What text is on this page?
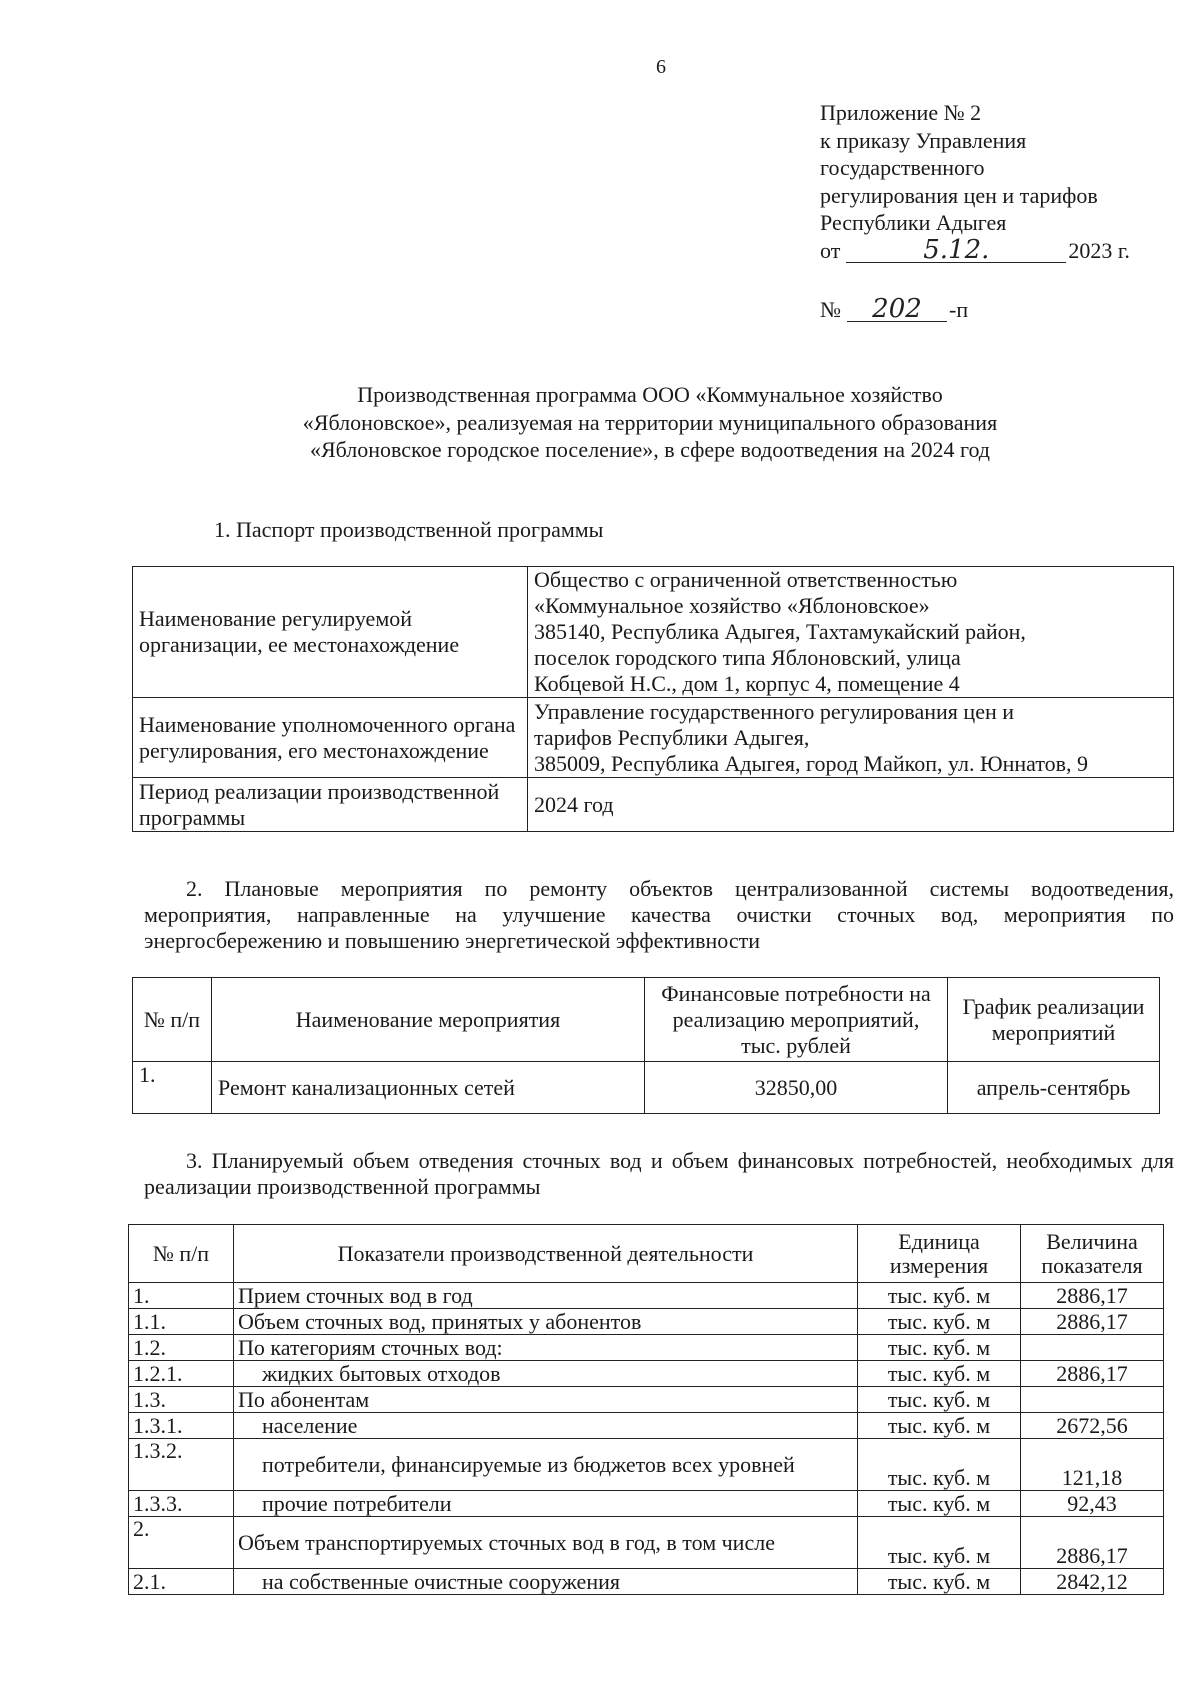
6
Приложение № 2
к приказу Управления
государственного
регулирования цен и тарифов
Республики Адыгея
от	5.12.	2023 г.
№ 202 -п
Производственная программа ООО «Коммунальное хозяйство «Яблоновское», реализуемая на территории муниципального образования «Яблоновское городское поселение», в сфере водоотведения на 2024 год
1. Паспорт производственной программы
Наименование регулируемой организации, ее местонахождение	Общество с ограниченной ответственностью
«Коммунальное хозяйство «Яблоновское»
385140, Республика Адыгея, Тахтамукайский район,
поселок городского типа Яблоновский, улица
Кобцевой Н.С., дом 1, корпус 4, помещение 4

Наименование уполномоченного органа регулирования, его местонахождение	Управление государственного регулирования цен и
тарифов Республики Адыгея,
385009, Республика Адыгея, город Майкоп, ул. Юннатов, 9

Период реализации производственной программы	2024 год
2. Плановые мероприятия по ремонту объектов централизованной системы водоотведения, мероприятия, направленные на улучшение качества очистки сточных вод, мероприятия по энергосбережению и повышению энергетической эффективности
№ п/п	Наименование мероприятия	Финансовые потребности на реализацию мероприятий, тыс. рублей	График реализации мероприятий
1.	Ремонт канализационных сетей	32850,00	апрель-сентябрь
3. Планируемый объем отведения сточных вод и объем финансовых потребностей, необходимых для реализации производственной программы
№ п/п	Показатели производственной деятельности	Единица измерения	Величина показателя
1.	Прием сточных вод в год	тыс. куб. м	2886,17
1.1.	Объем сточных вод, принятых у абонентов	тыс. куб. м	2886,17
1.2.	По категориям сточных вод:	тыс. куб. м	
1.2.1.	жидких бытовых отходов	тыс. куб. м	2886,17
1.3.	По абонентам	тыс. куб. м	
1.3.1.	население	тыс. куб. м	2672,56
1.3.2.	потребители, финансируемые из бюджетов всех уровней	тыс. куб. м	121,18
1.3.3.	прочие потребители	тыс. куб. м	92,43
2.	Объем транспортируемых сточных вод в год, в том числе	тыс. куб. м	2886,17
2.1.	на собственные очистные сооружения	тыс. куб. м	2842,12
